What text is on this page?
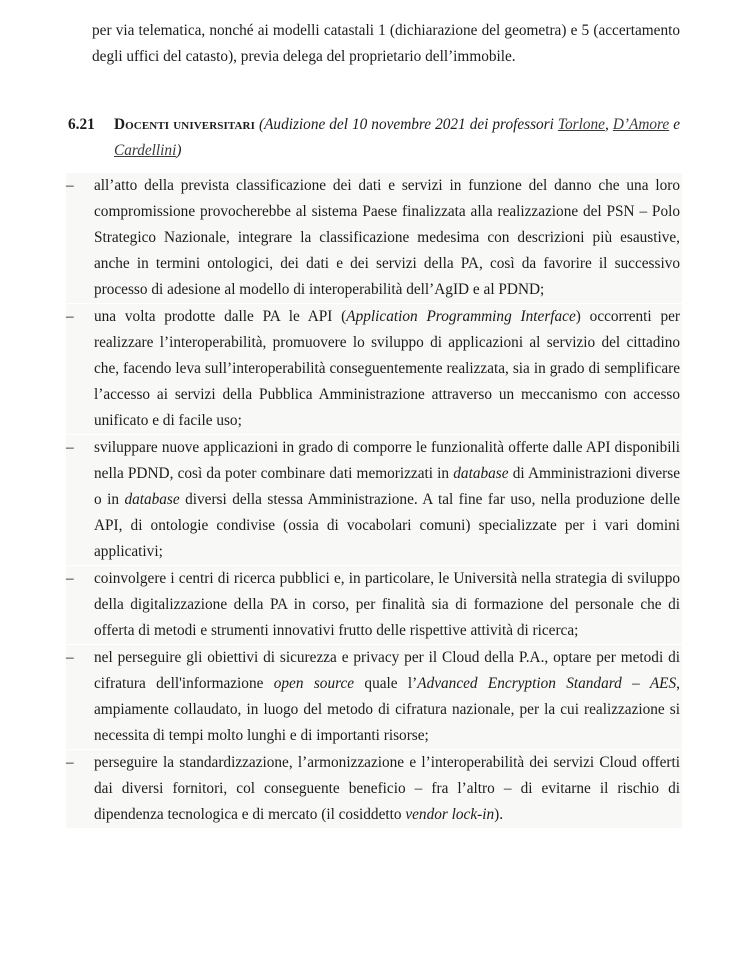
per via telematica, nonché ai modelli catastali 1 (dichiarazione del geometra) e 5 (accertamento degli uffici del catasto), previa delega del proprietario dell’immobile.

6.21 Docenti universitari (Audizione del 10 novembre 2021 dei professori Torlone, D’Amore e Cardellini)
–	all’atto della prevista classificazione dei dati e servizi in funzione del danno che una loro compromissione provocherebbe al sistema Paese finalizzata alla realizzazione del PSN – Polo Strategico Nazionale, integrare la classificazione medesima con descrizioni più esaustive, anche in termini ontologici, dei dati e dei servizi della PA, così da favorire il successivo processo di adesione al modello di interoperabilità dell’AgID e al PDND;
–	una volta prodotte dalle PA le API (Application Programming Interface) occorrenti per realizzare l’interoperabilità, promuovere lo sviluppo di applicazioni al servizio del cittadino che, facendo leva sull’interoperabilità conseguentemente realizzata, sia in grado di semplificare l’accesso ai servizi della Pubblica Amministrazione attraverso un meccanismo con accesso unificato e di facile uso;
–	sviluppare nuove applicazioni in grado di comporre le funzionalità offerte dalle API disponibili nella PDND, così da poter combinare dati memorizzati in database di Amministrazioni diverse o in database diversi della stessa Amministrazione. A tal fine far uso, nella produzione delle API, di ontologie condivise (ossia di vocabolari comuni) specializzate per i vari domini applicativi;
–	coinvolgere i centri di ricerca pubblici e, in particolare, le Università nella strategia di sviluppo della digitalizzazione della PA in corso, per finalità sia di formazione del personale che di offerta di metodi e strumenti innovativi frutto delle rispettive attività di ricerca;
–	nel perseguire gli obiettivi di sicurezza e privacy per il Cloud della P.A., optare per metodi di cifratura dell'informazione open source quale l’Advanced Encryption Standard – AES, ampiamente collaudato, in luogo del metodo di cifratura nazionale, per la cui realizzazione si necessita di tempi molto lunghi e di importanti risorse;
–	perseguire la standardizzazione, l’armonizzazione e l’interoperabilità dei servizi Cloud offerti dai diversi fornitori, col conseguente beneficio – fra l’altro – di evitarne il rischio di dipendenza tecnologica e di mercato (il cosiddetto vendor lock-in).
